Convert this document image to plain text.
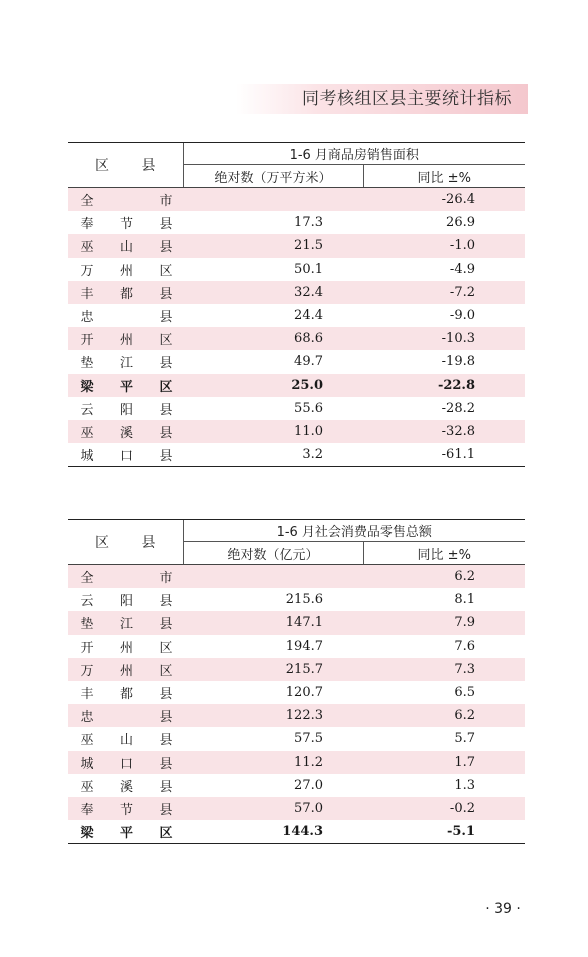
同考核组区县主要统计指标
区 县	1-6 月商品房销售面积	
	绝对数（万平方米）	同比 ±%

全 市		-26.4

奉 节 县	17.3	26.9

巫 山 县	21.5	-1.0

万 州 区	50.1	-4.9

丰 都 县	32.4	-7.2

忠 县	24.4	-9.0

开 州 区	68.6	-10.3

垫 江 县	49.7	-19.8

梁 平 区	25.0	-22.8

云 阳 县	55.6	-28.2

巫 溪 县	11.0	-32.8

城 口 县	3.2	-61.1
区 县	1-6 月社会消费品零售总额	
	绝对数（亿元）	同比 ±%

全 市		6.2

云 阳 县	215.6	8.1

垫 江 县	147.1	7.9

开 州 区	194.7	7.6

万 州 区	215.7	7.3

丰 都 县	120.7	6.5

忠 县	122.3	6.2

巫 山 县	57.5	5.7

城 口 县	11.2	1.7

巫 溪 县	27.0	1.3

奉 节 县	57.0	-0.2

梁 平 区	144.3	-5.1
· 39 ·
